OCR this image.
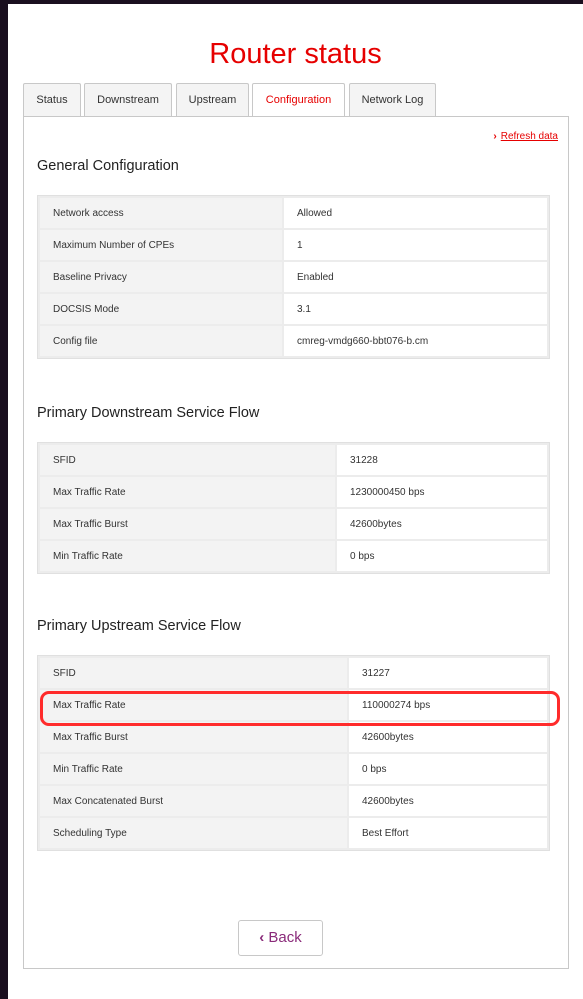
Router status
Status	Downstream	Upstream	Configuration	Network Log
› Refresh data
General Configuration
Network access	Allowed
Maximum Number of CPEs	1
Baseline Privacy	Enabled
DOCSIS Mode	3.1
Config file	cmreg-vmdg660-bbt076-b.cm
Primary Downstream Service Flow
SFID	31228
Max Traffic Rate	1230000450 bps
Max Traffic Burst	42600bytes
Min Traffic Rate	0 bps
Primary Upstream Service Flow
SFID	31227
Max Traffic Rate	110000274 bps
Max Traffic Burst	42600bytes
Min Traffic Rate	0 bps
Max Concatenated Burst	42600bytes
Scheduling Type	Best Effort
‹ Back
